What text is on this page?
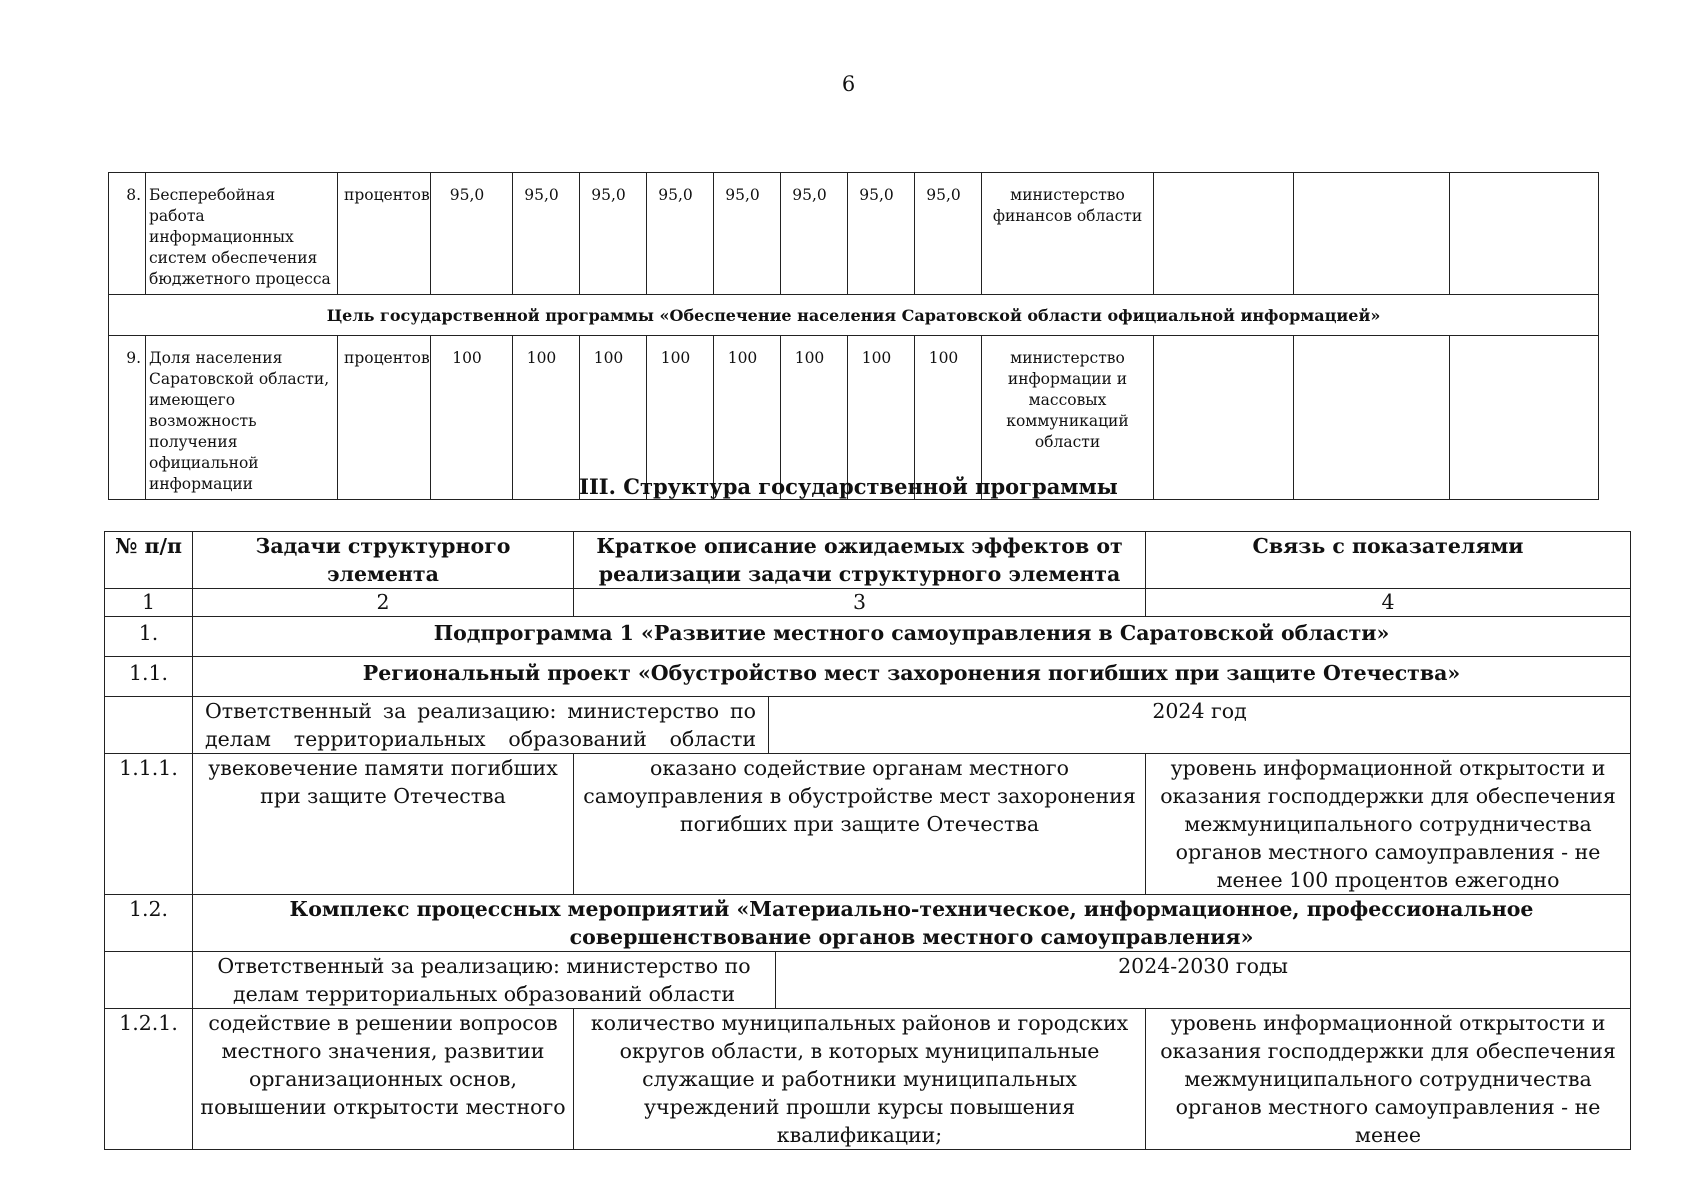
6
8.	Бесперебойная работа информационных систем обеспечения бюджетного процесса	процентов	95,0	95,0	95,0	95,0	95,0	95,0	95,0	95,0	министерство финансов области			
Цель государственной программы «Обеспечение населения Саратовской области официальной информацией»														
9.	Доля населения Саратовской области, имеющего возможность получения официальной информации	процентов	100	100	100	100	100	100	100	100	министерство информации и массовых коммуникаций области			
III. Структура государственной программы
№ п/п	Задачи структурного элемента	Краткое описание ожидаемых эффектов от реализации задачи структурного элемента			Связь с показателями
1	2	3			4
1.	Подпрограмма 1 «Развитие местного самоуправления в Саратовской области»				
1.1.	Региональный проект «Обустройство мест захоронения погибших при защите Отечества»				
	Ответственный за реализацию: министерство по делам территориальных образований области		2024 год		
1.1.1.	увековечение памяти погибших при защите Отечества	оказано содействие органам местного самоуправления в обустройстве мест захоронения погибших при защите Отечества			уровень информационной открытости и оказания господдержки для обеспечения межмуниципального сотрудничества органов местного самоуправления - не менее 100 процентов ежегодно
1.2.	Комплекс процессных мероприятий «Материально-техническое, информационное, профессиональное совершенствование органов местного самоуправления»				
	Ответственный за реализацию: министерство по делам территориальных образований области			2024-2030 годы	
1.2.1.	содействие в решении вопросов местного значения, развитии организационных основ, повышении открытости местного	количество муниципальных районов и городских округов области, в которых муниципальные служащие и работники муниципальных учреждений прошли курсы повышения квалификации;			уровень информационной открытости и оказания господдержки для обеспечения межмуниципального сотрудничества органов местного самоуправления - не менее
